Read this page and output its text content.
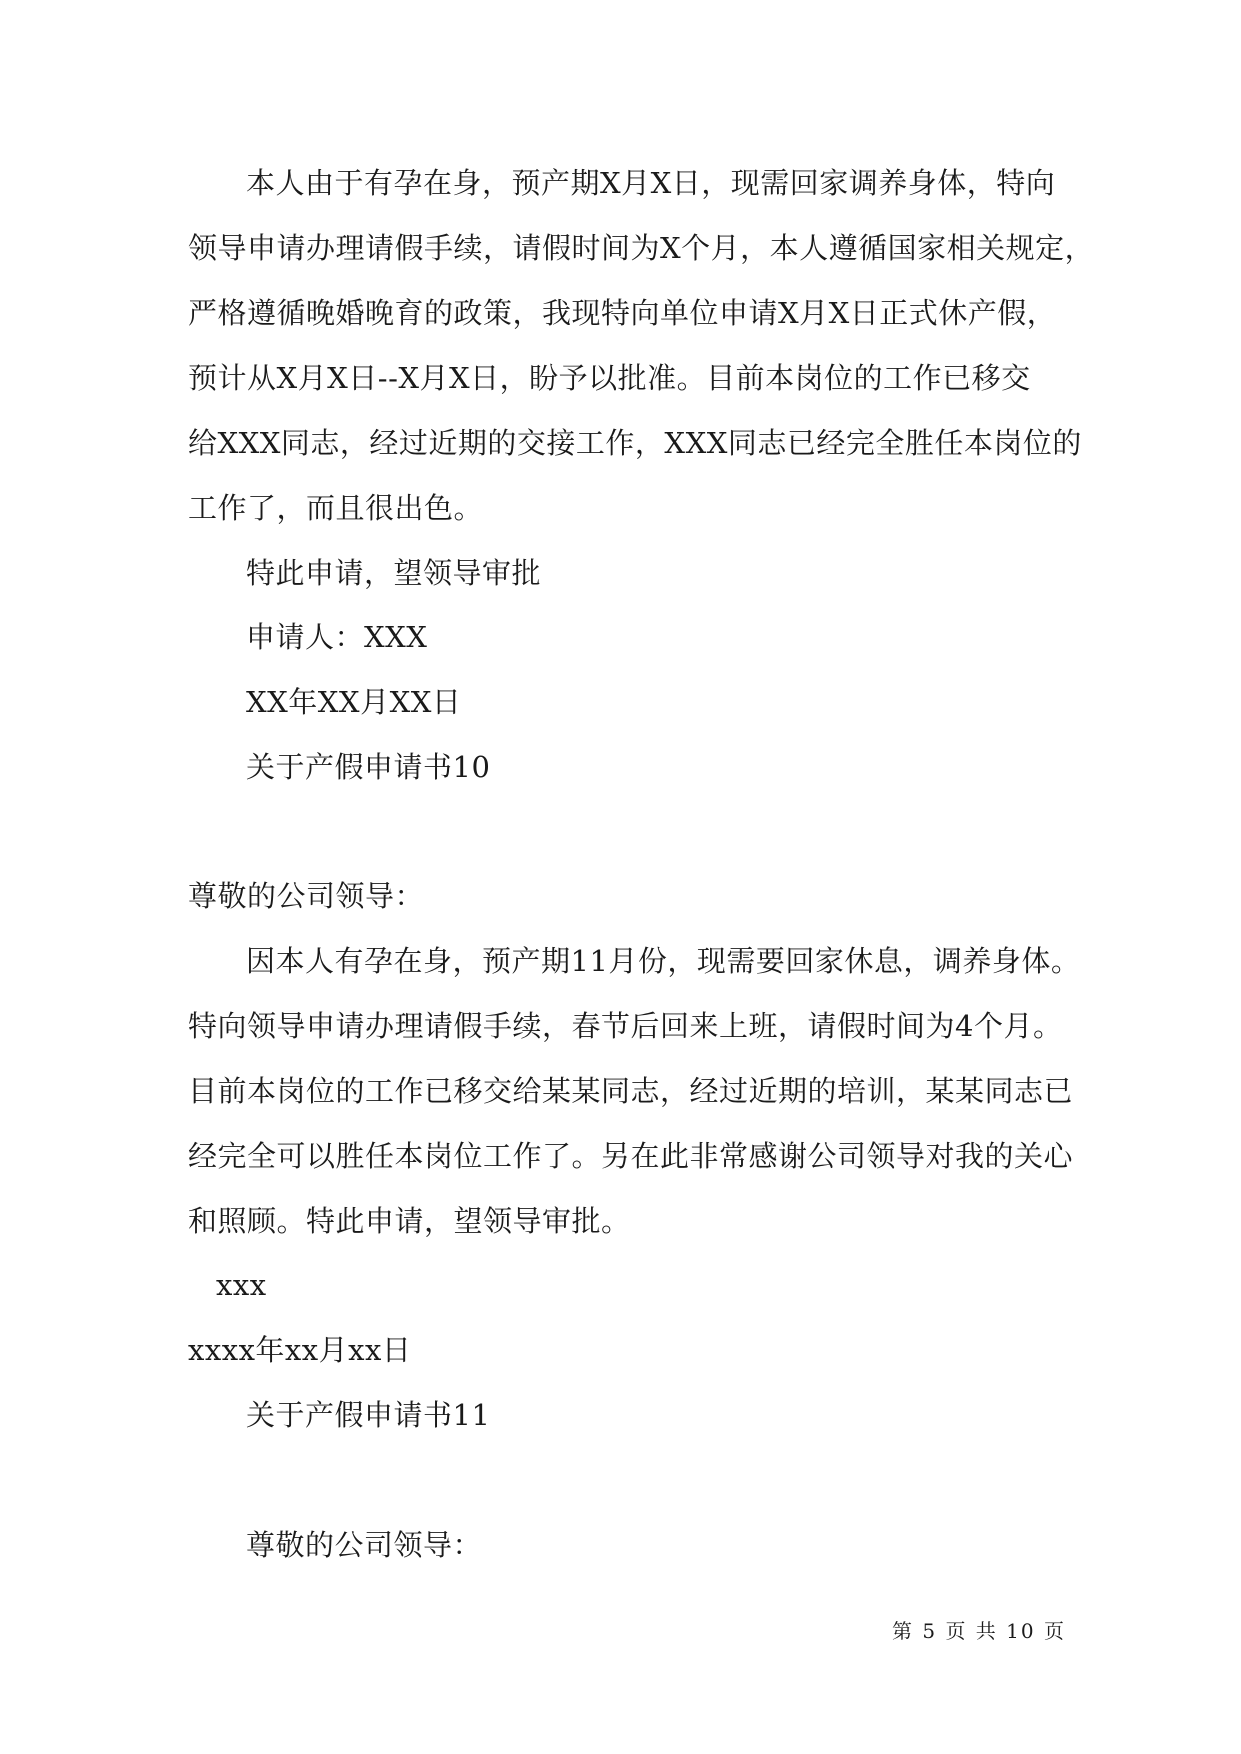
本人由于有孕在身，预产期X月X日，现需回家调养身体，特向
领导申请办理请假手续，请假时间为X个月，本人遵循国家相关规定，
严格遵循晚婚晚育的政策，我现特向单位申请X月X日正式休产假，
预计从X月X日--X月X日，盼予以批准。目前本岗位的工作已移交
给XXX同志，经过近期的交接工作，XXX同志已经完全胜任本岗位的
工作了，而且很出色。
特此申请，望领导审批
申请人：XXX
XX年XX月XX日
关于产假申请书10
尊敬的公司领导：
因本人有孕在身，预产期11月份，现需要回家休息，调养身体。
特向领导申请办理请假手续，春节后回来上班，请假时间为4个月。
目前本岗位的工作已移交给某某同志，经过近期的培训，某某同志已
经完全可以胜任本岗位工作了。另在此非常感谢公司领导对我的关心
和照顾。特此申请，望领导审批。
xxx
xxxx年xx月xx日
关于产假申请书11
尊敬的公司领导：
第 5 页 共 10 页
